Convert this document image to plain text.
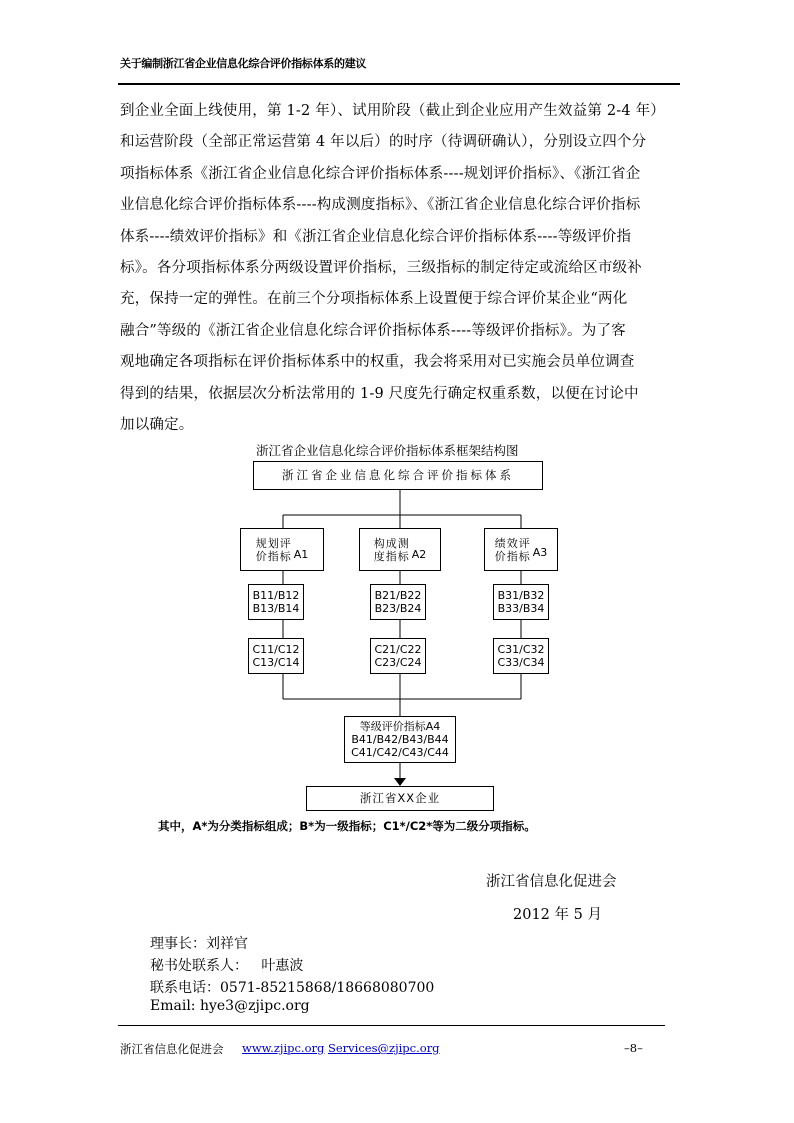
关于编制浙江省企业信息化综合评价指标体系的建议
到企业全面上线使用，第 1-2 年）、试用阶段（截止到企业应用产生效益第 2-4 年）
和运营阶段（全部正常运营第 4 年以后）的时序（待调研确认），分别设立四个分
项指标体系《浙江省企业信息化综合评价指标体系----规划评价指标》、《浙江省企
业信息化综合评价指标体系----构成测度指标》、《浙江省企业信息化综合评价指标
体系----绩效评价指标》和《浙江省企业信息化综合评价指标体系----等级评价指
标》。各分项指标体系分两级设置评价指标，三级指标的制定待定或流给区市级补
充，保持一定的弹性。在前三个分项指标体系上设置便于综合评价某企业“两化
融合”等级的《浙江省企业信息化综合评价指标体系----等级评价指标》。为了客
观地确定各项指标在评价指标体系中的权重，我会将采用对已实施会员单位调查
得到的结果，依据层次分析法常用的 1-9 尺度先行确定权重系数，以便在讨论中
加以确定。
浙江省企业信息化综合评价指标体系框架结构图
浙江省企业信息化综合评价指标体系
规划评
价指标 A1
构成测
度指标 A2
绩效评
价指标 A3
B11/B12
B13/B14
B21/B22
B23/B24
B31/B32
B33/B34
C11/C12
C13/C14
C21/C22
C23/C24
C31/C32
C33/C34
等级评价指标A4
B41/B42/B43/B44
C41/C42/C43/C44
浙江省XX企业
其中，A*为分类指标组成；B*为一级指标；C1*/C2*等为二级分项指标。
浙江省信息化促进会
2012 年 5 月
理事长：刘祥官
秘书处联系人：   叶惠波
联系电话：0571-85215868/18668080700
Email: hye3@zjipc.org
浙江省信息化促进会 www.zjipc.org Services@zjipc.org	–8–
